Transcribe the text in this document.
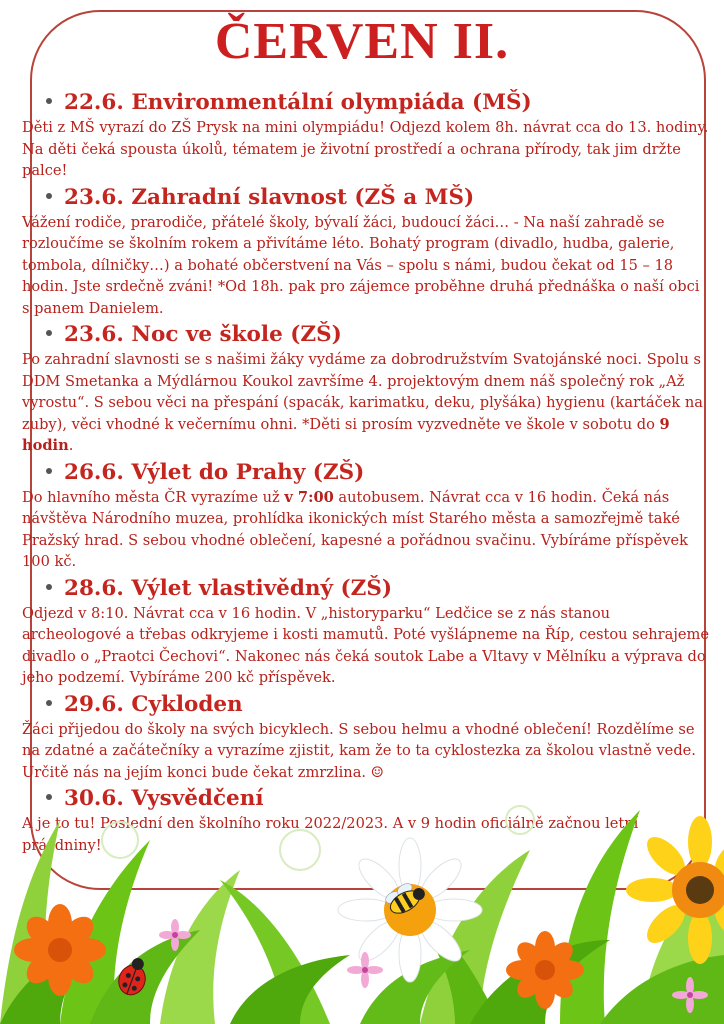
ČERVEN II.
22.6. Environmentální olympiáda (MŠ)

Děti z MŠ vyrazí do ZŠ Prysk na mini olympiádu! Odjezd kolem 8h. návrat cca do 13. hodiny. Na děti čeká spousta úkolů, tématem je životní prostředí a ochrana přírody, tak jim držte palce!

23.6. Zahradní slavnost (ZŠ a MŠ)

Vážení rodiče, prarodiče, přátelé školy, bývalí žáci, budoucí žáci… - Na naší zahradě se rozloučíme se školním rokem a přivítáme léto. Bohatý program (divadlo, hudba, galerie, tombola, dílničky…) a bohaté občerstvení na Vás – spolu s námi, budou čekat od 15 – 18 hodin. Jste srdečně zváni! *Od 18h. pak pro zájemce proběhne druhá přednáška o naší obci s panem Danielem.

23.6. Noc ve škole (ZŠ)

Po zahradní slavnosti se s našimi žáky vydáme za dobrodružstvím Svatojánské noci. Spolu s DDM Smetanka a Mýdlárnou Koukol završíme 4. projektovým dnem náš společný rok „Až vyrostu“. S sebou věci na přespání (spacák, karimatku, deku, plyšáka) hygienu (kartáček na zuby), věci vhodné k večernímu ohni. *Děti si prosím vyzvedněte ve škole v sobotu do 9 hodin.

26.6. Výlet do Prahy (ZŠ)

Do hlavního města ČR vyrazíme už v 7:00 autobusem. Návrat cca v 16 hodin. Čeká nás návštěva Národního muzea, prohlídka ikonických míst Starého města a samozřejmě také Pražský hrad. S sebou vhodné oblečení, kapesné a pořádnou svačinu. Vybíráme příspěvek 100 kč.

28.6. Výlet vlastivědný (ZŠ)

Odjezd v 8:10. Návrat cca v 16 hodin. V „historyparku“ Ledčice se z nás stanou archeologové a třebas odkryjeme i kosti mamutů. Poté vyšlápneme na Říp, cestou sehrajeme divadlo o „Praotci Čechovi“. Nakonec nás čeká soutok Labe a Vltavy v Mělníku a výprava do jeho podzemí. Vybíráme 200 kč příspěvek.

29.6. Cykloden

Žáci přijedou do školy na svých bicyklech. S sebou helmu a vhodné oblečení! Rozdělíme se na zdatné a začátečníky a vyrazíme zjistit, kam že to ta cyklostezka za školou vlastně vede. Určitě nás na jejím konci bude čekat zmrzlina. ☺

30.6. Vysvědčení

A je to tu! Poslední den školního roku 2022/2023. A v 9 hodin oficiálně začnou letní prázdniny!
